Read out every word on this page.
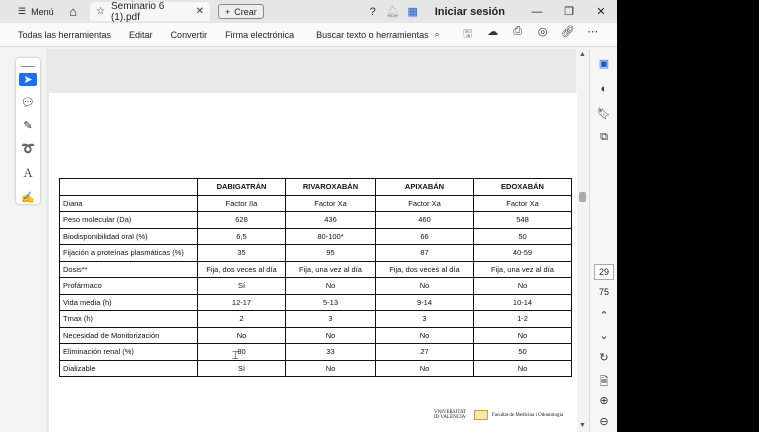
☰ Menú	⌂	☆ Seminario 6 (1).pdf	✕ + Crear	? 🔔︎ ▦	Iniciar sesión	—	❐	✕
Todas las herramientas Editar Convertir Firma electrónica Buscar texto o herramientas ⌕	🖫︎	☁	⎙	◎	🔗︎	⋯
	DABIGATRÁN	RIVAROXABÁN	APIXABÁN	EDOXABÁN
Diana	Factor IIa	Factor Xa	Factor Xa	Factor Xa
Peso molecular (Da)	628	436	460	548
Biodisponibilidad oral (%)	6,5	80-100*	66	50
Fijación a proteínas plasmáticas (%)	35	95	87	40-59
Dosis**	Fija, dos veces al día	Fija, una vez al día	Fija, dos veces al día	Fija, una vez al día
Profármaco	Sí	No	No	No
Vida media (h)	12-17	5-13	9-14	10-14
Tmax (h)	2	3	3	1-2
Necesidad de Monitorización	No	No	No	No
Eliminación renal (%)	80	33	27	50
Dializable	Sí	No	No	No
⌶
VNIVERSITAT ID VALÈNCIA	Facultat de Medicina i Odontologia
➤
💬︎
✎
➰
Ａ
✍
▲
▼
▣
◐
🔖︎
⧉
29
75
⌃
⌄
↻
🗎︎
⊕
⊖
